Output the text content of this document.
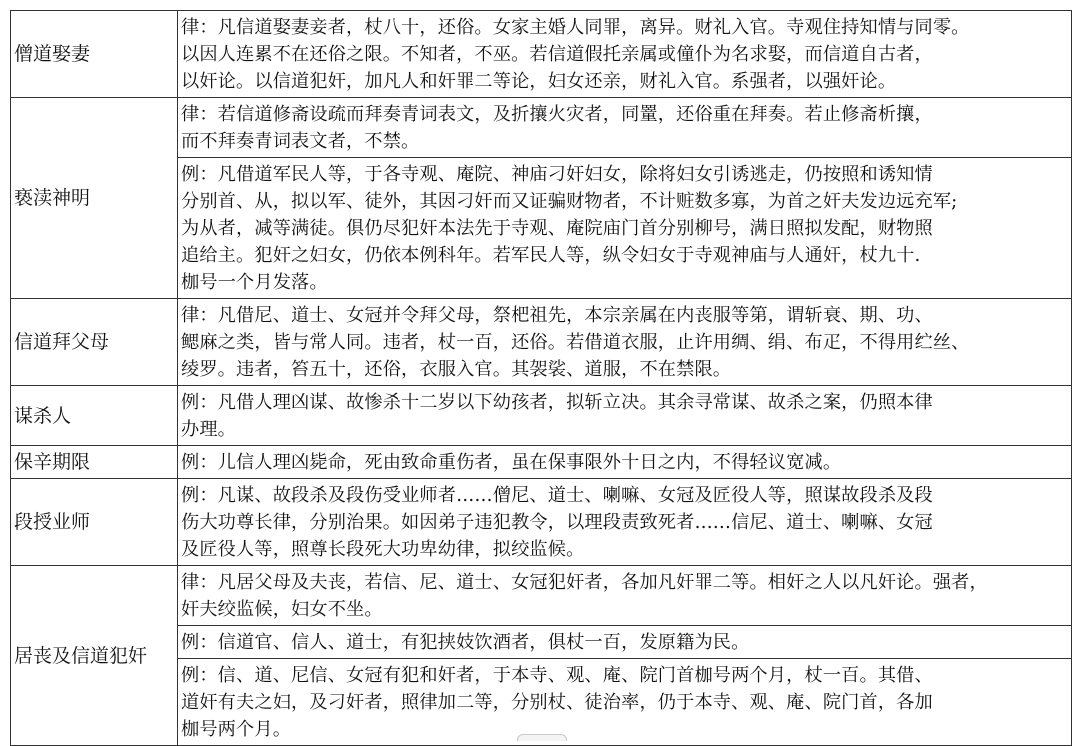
僧道娶妻	律：凡信道娶妻妾者，杖八十，还俗。女家主婚人同罪，离异。财礼入官。寺观住持知情与同零。
以因人连累不在还俗之限。不知者，不巫。若信道假托亲属或僮仆为名求娶，而信道自古者，
以奸论。以信道犯奸，加凡人和奸罪二等论，妇女还亲，财礼入官。系强者，以强奸论。

亵渎神明	律：若信道修斋设疏而拜奏青词表文，及折攘火灾者，同罿，还俗重在拜奏。若止修斋析攘，
而不拜奏青词表文者，不禁。

	例：凡借道军民人等，于各寺观、庵院、神庙刁奸妇女，除将妇女引诱逃走，仍按照和诱知情
分别首、从，拟以军、徒外，其因刁奸而又证骗财物者，不计赃数多寡，为首之奸夫发边远充军;
为从者，减等满徒。俱仍尽犯奸本法先于寺观、庵院庙门首分别柳号，满日照拟发配，财物照
追给主。犯奸之妇女，仍依本例科年。若军民人等，纵令妇女于寺观神庙与人通奸，杖九十.
枷号一个月发落。

信道拜父母	律：凡借尼、道士、女冠并令拜父母，祭杷祖先，本宗亲属在内丧服等第，谓斩衰、期、功、
鳃麻之类，皆与常人同。违者，杖一百，还俗。若借道衣服，止许用绸、绢、布疋，不得用纻丝、
绫罗。违者，笞五十，还俗，衣服入官。其袈裟、道服，不在禁限。

谋杀人	例：凡借人理凶谋、故惨杀十二岁以下幼孩者，拟斩立决。其余寻常谋、故杀之案，仍照本律
办理。

保辛期限	例：儿信人理凶毙命，死由致命重伤者，虽在保事限外十日之内，不得轻议宽减。

段授业师	例：凡谋、故段杀及段伤受业师者……僧尼、道士、喇嘛、女冠及匠役人等，照谋故段杀及段
伤大功尊长律，分别治果。如因弟子违犯教令，以理段责致死者……信尼、道士、喇嘛、女冠
及匠役人等，照尊长段死大功卑幼律，拟绞监候。

居丧及信道犯奸	律：凡居父母及夫丧，若信、尼、道士、女冠犯奸者，各加凡奸罪二等。相奸之人以凡奸论。强者，
奸夫绞监候，妇女不坐。

	例：信道官、信人、道士，有犯挟妓饮酒者，俱杖一百，发原籍为民。

	例：信、道、尼信、女冠有犯和奸者，于本寺、观、庵、院门首枷号两个月，杖一百。其借、
道奸有夫之妇，及刁奸者，照律加二等，分别杖、徒治率，仍于本寺、观、庵、院门首，各加
枷号两个月。
